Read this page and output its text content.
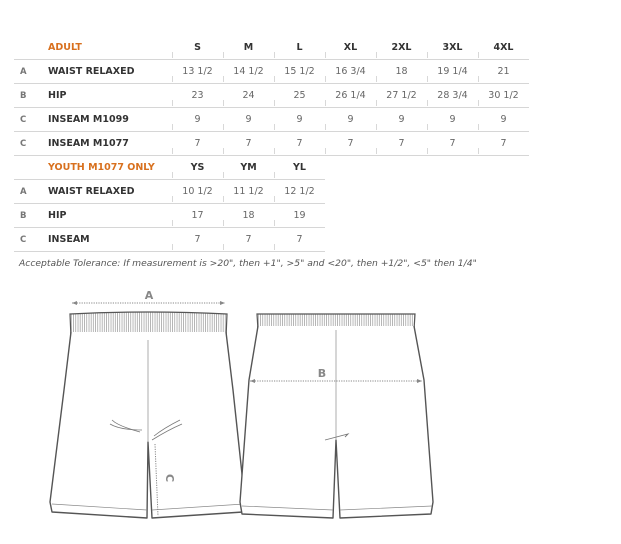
	ADULT	S	M	L	XL	2XL	3XL	4XL
A	WAIST RELAXED	13 1/2	14 1/2	15 1/2	16 3/4	18	19 1/4	21
B	HIP	23	24	25	26 1/4	27 1/2	28 3/4	30 1/2
C	INSEAM M1099	9	9	9	9	9	9	9
C	INSEAM M1077	7	7	7	7	7	7	7
	YOUTH M1077 ONLY	YS	YM	YL
A	WAIST RELAXED	10 1/2	11 1/2	12 1/2
B	HIP	17	18	19
C	INSEAM	7	7	7
Acceptable Tolerance: If measurement is >20", then +1", >5" and <20", then +1/2", <5" then 1/4"
A
B
C
